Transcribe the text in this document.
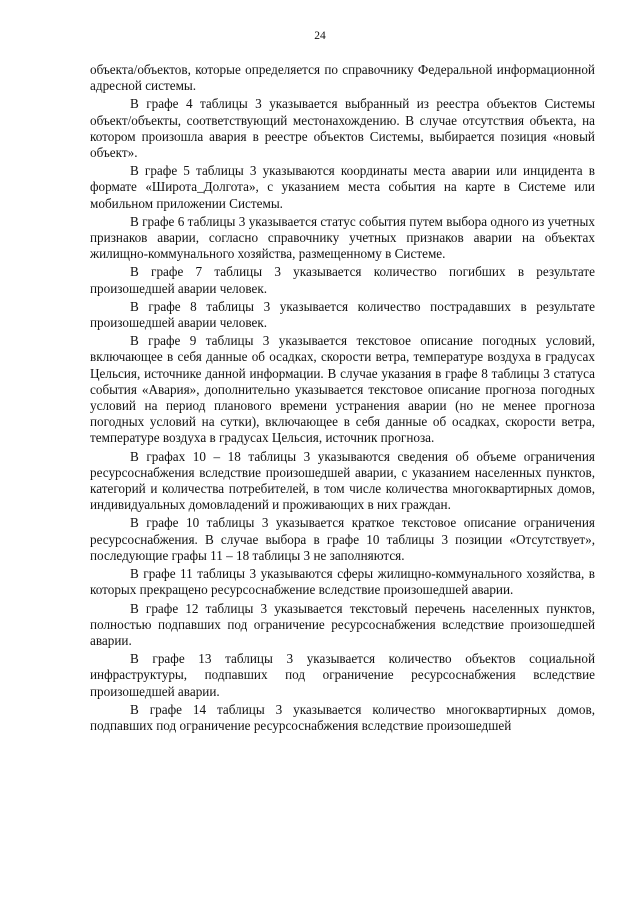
24

объекта/объектов, которые определяется по справочнику Федеральной информационной адресной системы.

В графе 4 таблицы 3 указывается выбранный из реестра объектов Системы объект/объекты, соответствующий местонахождению. В случае отсутствия объекта, на котором произошла авария в реестре объектов Системы, выбирается позиция «новый объект».

В графе 5 таблицы 3 указываются координаты места аварии или инцидента в формате «Широта_Долгота», с указанием места события на карте в Системе или мобильном приложении Системы.

В графе 6 таблицы 3 указывается статус события путем выбора одного из учетных признаков аварии, согласно справочнику учетных признаков аварии на объектах жилищно-коммунального хозяйства, размещенному в Системе.

В графе 7 таблицы 3 указывается количество погибших в результате произошедшей аварии человек.

В графе 8 таблицы 3 указывается количество пострадавших в результате произошедшей аварии человек.

В графе 9 таблицы 3 указывается текстовое описание погодных условий, включающее в себя данные об осадках, скорости ветра, температуре воздуха в градусах Цельсия, источнике данной информации. В случае указания в графе 8 таблицы 3 статуса события «Авария», дополнительно указывается текстовое описание прогноза погодных условий на период планового времени устранения аварии (но не менее прогноза погодных условий на сутки), включающее в себя данные об осадках, скорости ветра, температуре воздуха в градусах Цельсия, источник прогноза.

В графах 10 – 18 таблицы 3 указываются сведения об объеме ограничения ресурсоснабжения вследствие произошедшей аварии, с указанием населенных пунктов, категорий и количества потребителей, в том числе количества многоквартирных домов, индивидуальных домовладений и проживающих в них граждан.

В графе 10 таблицы 3 указывается краткое текстовое описание ограничения ресурсоснабжения. В случае выбора в графе 10 таблицы 3 позиции «Отсутствует», последующие графы 11 – 18 таблицы 3 не заполняются.

В графе 11 таблицы 3 указываются сферы жилищно-коммунального хозяйства, в которых прекращено ресурсоснабжение вследствие произошедшей аварии.

В графе 12 таблицы 3 указывается текстовый перечень населенных пунктов, полностью подпавших под ограничение ресурсоснабжения вследствие произошедшей аварии.

В графе 13 таблицы 3 указывается количество объектов социальной инфраструктуры, подпавших под ограничение ресурсоснабжения вследствие произошедшей аварии.

В графе 14 таблицы 3 указывается количество многоквартирных домов, подпавших под ограничение ресурсоснабжения вследствие произошедшей
